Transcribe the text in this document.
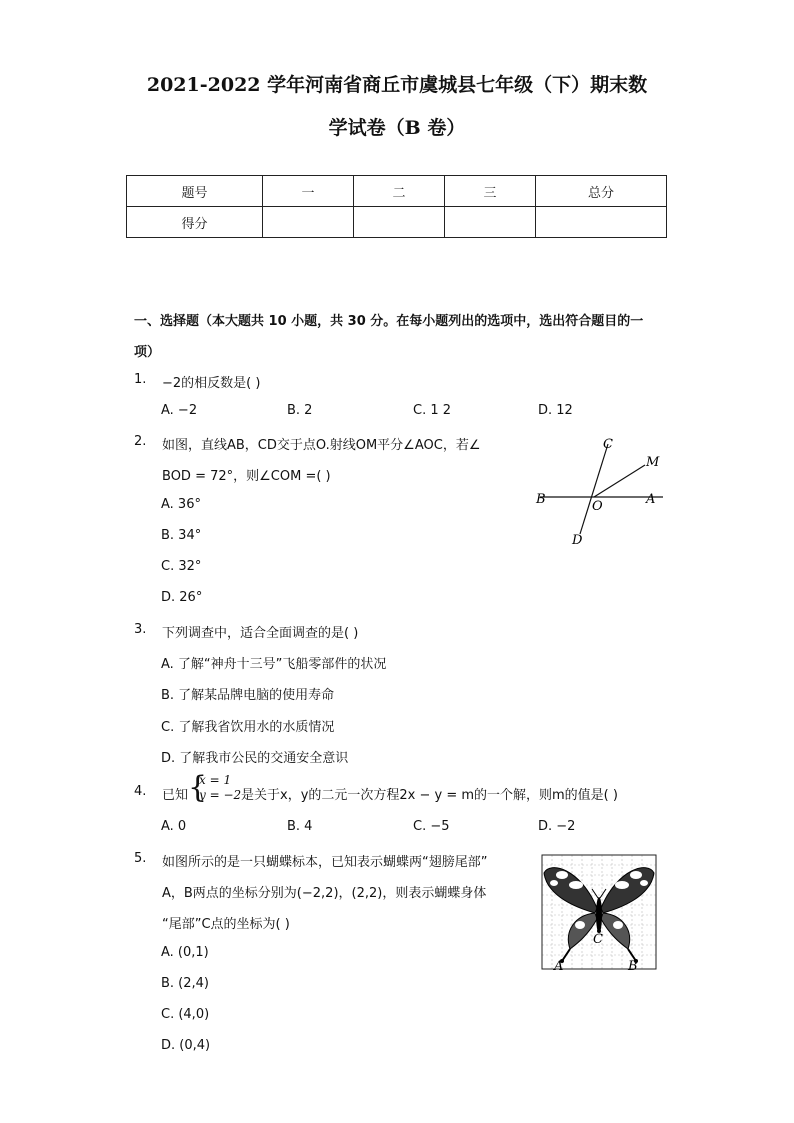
2021-2022 学年河南省商丘市虞城县七年级（下）期末数
学试卷（B 卷）
题号	一	二	三	总分
得分				
一、选择题（本大题共 10 小题，共 30 分。在每小题列出的选项中，选出符合题目的一
项）
1. −2的相反数是( )
A. −2	B. 2	C. 1 2	D. 12
2. 如图，直线AB，CD交于点O.射线OM平分∠AOC，若∠
BOD = 72°，则∠COM =( )
A. 36°
B. 34°
C. 32°
D. 26°
C
M
B	O	A
D
3. 下列调查中，适合全面调查的是( )
A. 了解“神舟十三号”飞船零部件的状况
B. 了解某品牌电脑的使用寿命
C. 了解我省饮用水的水质情况
D. 了解我市公民的交通安全意识
4. 已知 {
x = 1
y = −2 是关于x，y的二元一次方程2x − y = m的一个解，则m的值是( )
A. 0	B. 4	C. −5	D. −2
5. 如图所示的是一只蝴蝶标本，已知表示蝴蝶两“翅膀尾部”
A，B两点的坐标分别为(−2,2)，(2,2)，则表示蝴蝶身体
“尾部”C点的坐标为( )
A. (0,1)
B. (2,4)
C. (4,0)
D. (0,4)
C
A	B
